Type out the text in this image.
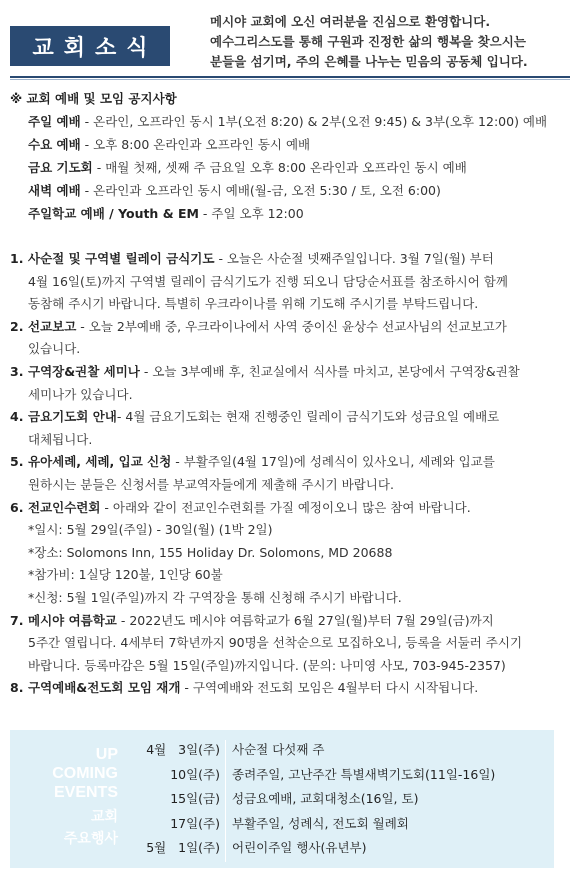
교회소식
메시야 교회에 오신 여러분을 진심으로 환영합니다.
예수그리스도를 통해 구원과 진정한 삶의 행복을 찾으시는
분들을 섬기며, 주의 은혜를 나누는 믿음의 공동체 입니다.
※ 교회 예배 및 모임 공지사항
주일 예배 - 온라인, 오프라인 동시 1부(오전 8:20) & 2부(오전 9:45) & 3부(오후 12:00) 예배
수요 예배 - 오후 8:00 온라인과 오프라인 동시 예배
금요 기도회 - 매월 첫째, 셋째 주 금요일 오후 8:00 온라인과 오프라인 동시 예배
새벽 예배 - 온라인과 오프라인 동시 예배(월-금, 오전 5:30 / 토, 오전 6:00)
주일학교 예배 / Youth & EM - 주일 오후 12:00
1. 사순절 및 구역별 릴레이 금식기도 - 오늘은 사순절 넷째주일입니다. 3월 7일(월) 부터
4월 16일(토)까지 구역별 릴레이 금식기도가 진행 되오니 담당순서표를 참조하시어 함께
동참해 주시기 바랍니다. 특별히 우크라이나를 위해 기도해 주시기를 부탁드립니다.
2. 선교보고 - 오늘 2부예배 중, 우크라이나에서 사역 중이신 윤상수 선교사님의 선교보고가
있습니다.
3. 구역장&권찰 세미나 - 오늘 3부예배 후, 친교실에서 식사를 마치고, 본당에서 구역장&권찰
세미나가 있습니다.
4. 금요기도회 안내- 4월 금요기도회는 현재 진행중인 릴레이 금식기도와 성금요일 예배로
대체됩니다.
5. 유아세례, 세례, 입교 신청 - 부활주일(4월 17일)에 성례식이 있사오니, 세례와 입교를
원하시는 분들은 신청서를 부교역자들에게 제출해 주시기 바랍니다.
6. 전교인수련회 - 아래와 같이 전교인수련회를 가질 예정이오니 많은 참여 바랍니다.
*일시: 5월 29일(주일) - 30일(월) (1박 2일)
*장소: Solomons Inn, 155 Holiday Dr. Solomons, MD 20688
*참가비: 1실당 120불, 1인당 60불
*신청: 5월 1일(주일)까지 각 구역장을 통해 신청해 주시기 바랍니다.
7. 메시야 여름학교 - 2022년도 메시야 여름학교가 6월 27일(월)부터 7월 29일(금)까지
5주간 열립니다. 4세부터 7학년까지 90명을 선착순으로 모집하오니, 등록을 서둘러 주시기
바랍니다. 등록마감은 5월 15일(주일)까지입니다. (문의: 나미영 사모, 703-945-2357)
8. 구역예배&전도회 모임 재개 - 구역예배와 전도회 모임은 4월부터 다시 시작됩니다.
UP
COMING
EVENTS
교회
주요행사
4월   3일(주)
10일(주)
15일(금)
17일(주)
5월   1일(주)
사순절 다섯째 주
종려주일, 고난주간 특별새벽기도회(11일-16일)
성금요예배, 교회대청소(16일, 토)
부활주일, 성례식, 전도회 월례회
어린이주일 행사(유년부)
